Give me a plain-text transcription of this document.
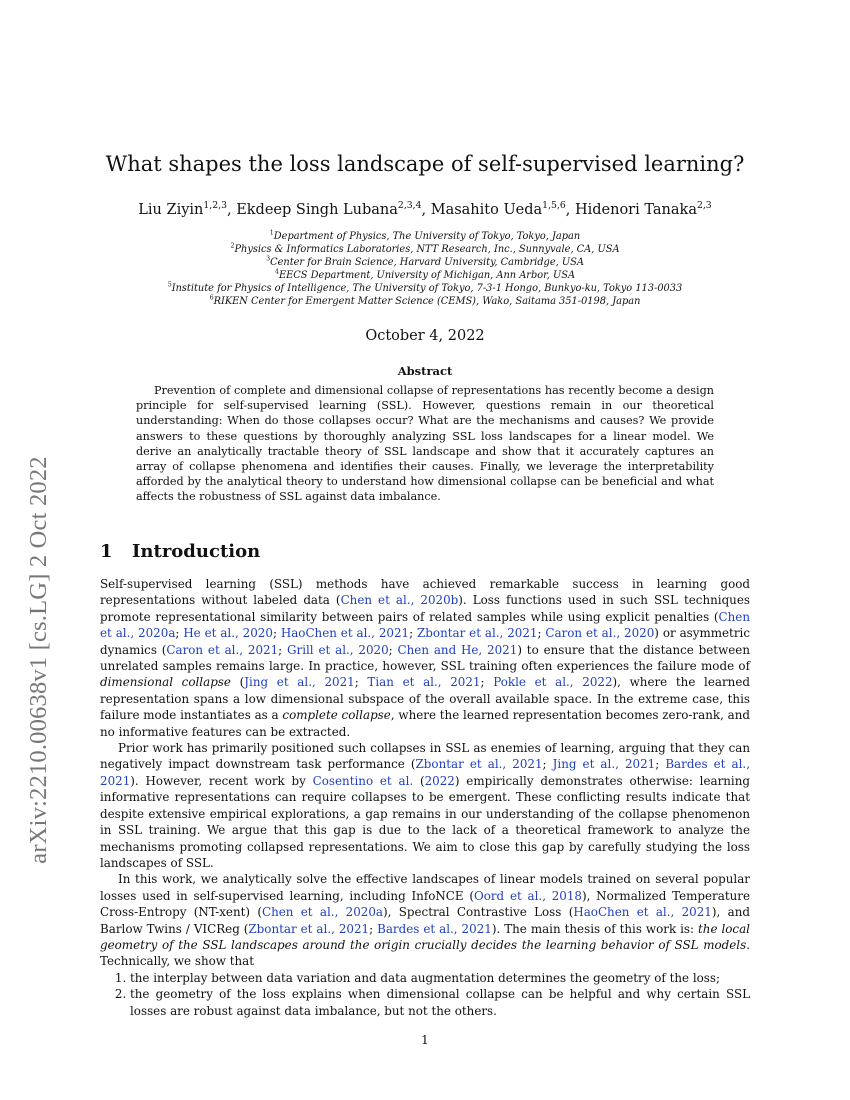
arXiv:2210.00638v1 [cs.LG] 2 Oct 2022
What shapes the loss landscape of self-supervised learning?
Liu Ziyin$^{1,2,3}$, Ekdeep Singh Lubana$^{2,3,4}$, Masahito Ueda$^{1,5,6}$, Hidenori Tanaka$^{2,3}$
$^1$Department of Physics, The University of Tokyo, Tokyo, Japan
$^2$Physics & Informatics Laboratories, NTT Research, Inc., Sunnyvale, CA, USA
$^3$Center for Brain Science, Harvard University, Cambridge, USA
$^4$EECS Department, University of Michigan, Ann Arbor, USA
$^5$Institute for Physics of Intelligence, The University of Tokyo, 7-3-1 Hongo, Bunkyo-ku, Tokyo 113-0033
$^6$RIKEN Center for Emergent Matter Science (CEMS), Wako, Saitama 351-0198, Japan
October 4, 2022
Abstract
Prevention of complete and dimensional collapse of representations has recently become a design principle for self-supervised learning (SSL). However, questions remain in our theoretical understanding: When do those collapses occur? What are the mechanisms and causes? We provide answers to these questions by thoroughly analyzing SSL loss landscapes for a linear model. We derive an analytically tractable theory of SSL landscape and show that it accurately captures an array of collapse phenomena and identifies their causes. Finally, we leverage the interpretability afforded by the analytical theory to understand how dimensional collapse can be beneficial and what affects the robustness of SSL against data imbalance.
1 Introduction

Self-supervised learning (SSL) methods have achieved remarkable success in learning good representations without labeled data (Chen et al., 2020b). Loss functions used in such SSL techniques promote representational similarity between pairs of related samples while using explicit penalties (Chen et al., 2020a; He et al., 2020; HaoChen et al., 2021; Zbontar et al., 2021; Caron et al., 2020) or asymmetric dynamics (Caron et al., 2021; Grill et al., 2020; Chen and He, 2021) to ensure that the distance between unrelated samples remains large. In practice, however, SSL training often experiences the failure mode of dimensional collapse (Jing et al., 2021; Tian et al., 2021; Pokle et al., 2022), where the learned representation spans a low dimensional subspace of the overall available space. In the extreme case, this failure mode instantiates as a complete collapse, where the learned representation becomes zero-rank, and no informative features can be extracted.

Prior work has primarily positioned such collapses in SSL as enemies of learning, arguing that they can negatively impact downstream task performance (Zbontar et al., 2021; Jing et al., 2021; Bardes et al., 2021). However, recent work by Cosentino et al. (2022) empirically demonstrates otherwise: learning informative representations can require collapses to be emergent. These conflicting results indicate that despite extensive empirical explorations, a gap remains in our understanding of the collapse phenomenon in SSL training. We argue that this gap is due to the lack of a theoretical framework to analyze the mechanisms promoting collapsed representations. We aim to close this gap by carefully studying the loss landscapes of SSL.

In this work, we analytically solve the effective landscapes of linear models trained on several popular losses used in self-supervised learning, including InfoNCE (Oord et al., 2018), Normalized Temperature Cross-Entropy (NT-xent) (Chen et al., 2020a), Spectral Contrastive Loss (HaoChen et al., 2021), and Barlow Twins / VICReg (Zbontar et al., 2021; Bardes et al., 2021). The main thesis of this work is: the local geometry of the SSL landscapes around the origin crucially decides the learning behavior of SSL models. Technically, we show that

1. the interplay between data variation and data augmentation determines the geometry of the loss;
2. the geometry of the loss explains when dimensional collapse can be helpful and why certain SSL losses are robust against data imbalance, but not the others.
1
